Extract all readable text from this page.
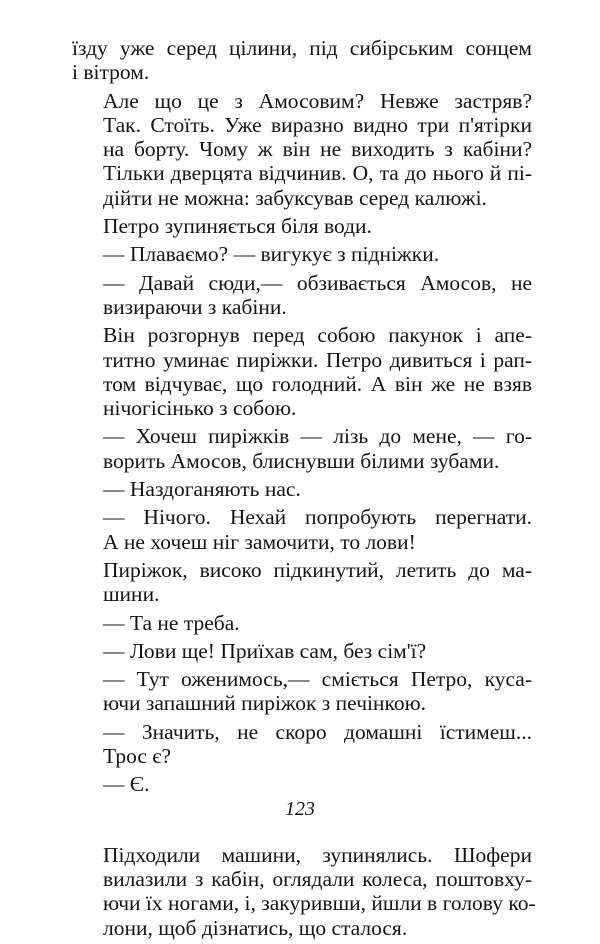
їзду уже серед цілини, під сибірським сонцем
і вітром.
Але що це з Амосовим? Невже застряв?
Так. Стоїть. Уже виразно видно три п'ятірки
на борту. Чому ж він не виходить з кабіни?
Тільки дверцята відчинив. О, та до нього й пі-
дійти не можна: забуксував серед калюжі.
Петро зупиняється біля води.
— Плаваємо? — вигукує з підніжки.
— Давай сюди,— обзивається Амосов, не
визираючи з кабіни.
Він розгорнув перед собою пакунок і апе-
титно уминає пиріжки. Петро дивиться і рап-
том відчуває, що голодний. А він же не взяв
нічогісінько з собою.
— Хочеш пиріжків — лізь до мене, — го-
ворить Амосов, блиснувши білими зубами.
— Наздоганяють нас.
— Нічого. Нехай попробують перегнати.
А не хочеш ніг замочити, то лови!
Пиріжок, високо підкинутий, летить до ма-
шини.
— Та не треба.
— Лови ще! Приїхав сам, без сім'ї?
— Тут оженимось,— сміється Петро, куса-
ючи запашний пиріжок з печінкою.
— Значить, не скоро домашні їстимеш...
Трос є?
— Є.
Підходили машини, зупинялись. Шофери
вилазили з кабін, оглядали колеса, поштовху-
ючи їх ногами, і, закуривши, йшли в голову ко-
лони, щоб дізнатись, що сталося.
123
